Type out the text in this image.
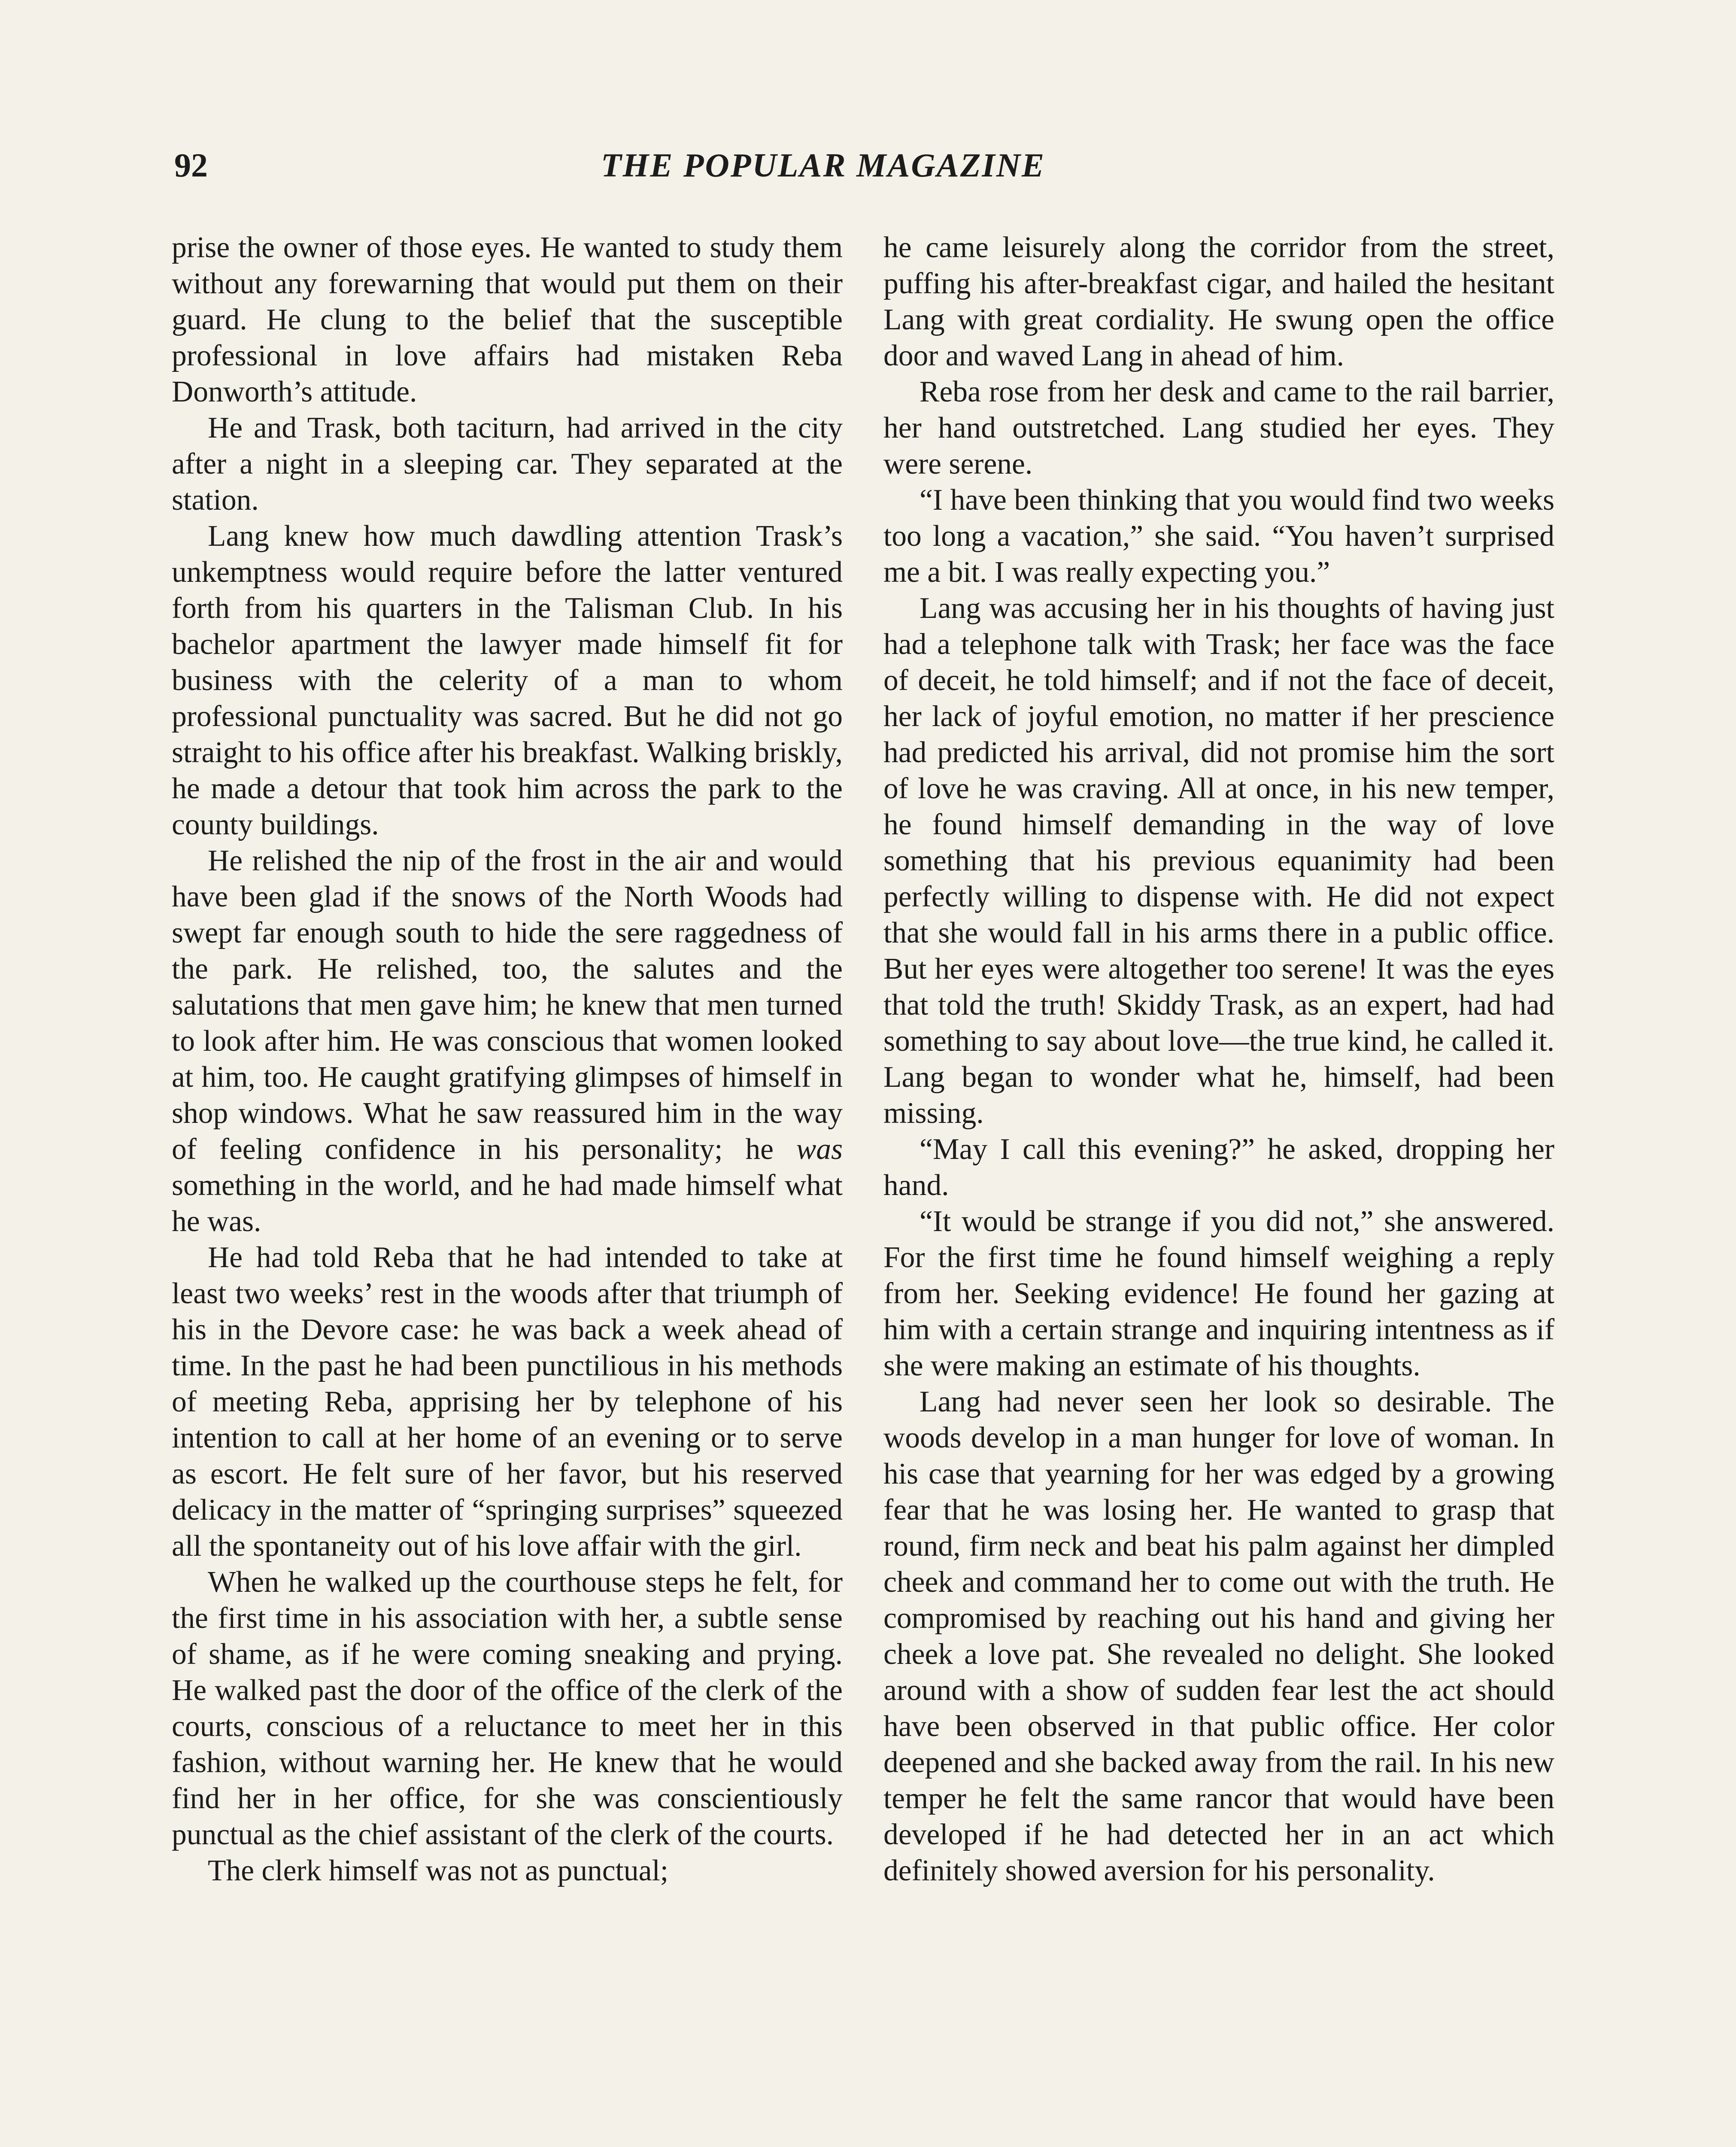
92	THE POPULAR MAGAZINE

prise the owner of those eyes. He wanted to study them without any forewarning that would put them on their guard. He clung to the belief that the susceptible professional in love affairs had mistaken Reba Donworth’s attitude.

He and Trask, both taciturn, had arrived in the city after a night in a sleeping car. They separated at the station.

Lang knew how much dawdling attention Trask’s unkemptness would require before the latter ventured forth from his quarters in the Talisman Club. In his bachelor apartment the lawyer made himself fit for business with the celerity of a man to whom professional punctuality was sacred. But he did not go straight to his office after his breakfast. Walking briskly, he made a detour that took him across the park to the county buildings.

He relished the nip of the frost in the air and would have been glad if the snows of the North Woods had swept far enough south to hide the sere raggedness of the park. He relished, too, the salutes and the salutations that men gave him; he knew that men turned to look after him. He was conscious that women looked at him, too. He caught gratifying glimpses of himself in shop windows. What he saw reassured him in the way of feeling confidence in his personality; he was something in the world, and he had made himself what he was.

He had told Reba that he had intended to take at least two weeks’ rest in the woods after that triumph of his in the Devore case: he was back a week ahead of time. In the past he had been punctilious in his methods of meeting Reba, apprising her by telephone of his intention to call at her home of an evening or to serve as escort. He felt sure of her favor, but his reserved delicacy in the matter of “springing surprises” squeezed all the spontaneity out of his love affair with the girl.

When he walked up the courthouse steps he felt, for the first time in his association with her, a subtle sense of shame, as if he were coming sneaking and prying. He walked past the door of the office of the clerk of the courts, conscious of a reluctance to meet her in this fashion, without warning her. He knew that he would find her in her office, for she was conscientiously punctual as the chief assistant of the clerk of the courts.

The clerk himself was not as punctual;

he came leisurely along the corridor from the street, puffing his after-breakfast cigar, and hailed the hesitant Lang with great cordiality. He swung open the office door and waved Lang in ahead of him.

Reba rose from her desk and came to the rail barrier, her hand outstretched. Lang studied her eyes. They were serene.

“I have been thinking that you would find two weeks too long a vacation,” she said. “You haven’t surprised me a bit. I was really expecting you.”

Lang was accusing her in his thoughts of having just had a telephone talk with Trask; her face was the face of deceit, he told himself; and if not the face of deceit, her lack of joyful emotion, no matter if her prescience had predicted his arrival, did not promise him the sort of love he was craving. All at once, in his new temper, he found himself demanding in the way of love something that his previous equanimity had been perfectly willing to dispense with. He did not expect that she would fall in his arms there in a public office. But her eyes were altogether too serene! It was the eyes that told the truth! Skiddy Trask, as an expert, had had something to say about love—the true kind, he called it. Lang began to wonder what he, himself, had been missing.

“May I call this evening?” he asked, dropping her hand.

“It would be strange if you did not,” she answered. For the first time he found himself weighing a reply from her. Seeking evidence! He found her gazing at him with a certain strange and inquiring intentness as if she were making an estimate of his thoughts.

Lang had never seen her look so desirable. The woods develop in a man hunger for love of woman. In his case that yearning for her was edged by a growing fear that he was losing her. He wanted to grasp that round, firm neck and beat his palm against her dimpled cheek and command her to come out with the truth. He compromised by reaching out his hand and giving her cheek a love pat. She revealed no delight. She looked around with a show of sudden fear lest the act should have been observed in that public office. Her color deepened and she backed away from the rail. In his new temper he felt the same rancor that would have been developed if he had detected her in an act which definitely showed aversion for his personality.
